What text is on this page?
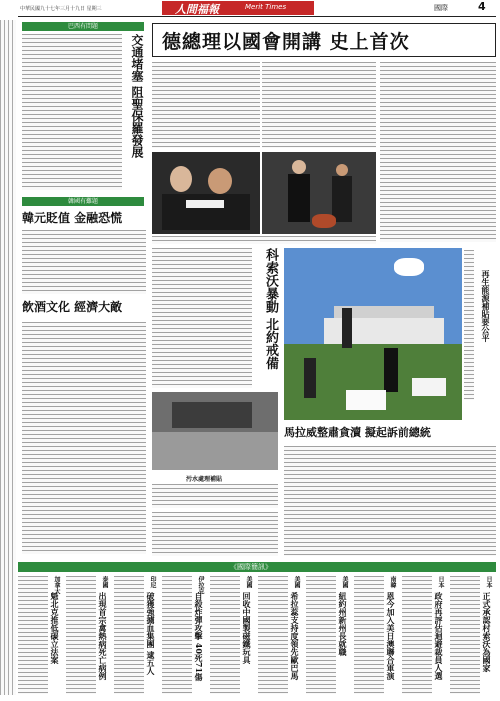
中華民國九十七年三月十九日 星期三	人間福報	Merit Times	國際	4
巴西有問題
交通堵塞 阻聖保羅發展
韓國有難題
韓元貶值 金融恐慌
飲酒文化 經濟大敵
德總理以國會開講 史上首次
科索沃暴動 北約戒備	再生能源補貼要公平
污水處理補貼
馬拉威整肅貪瀆 擬起訴前總統
《國際簡訊》
日本
正式承認村索沃為國家
日本
政府再評估迴避裁員人選
南韓
恩今加入美日澳聯合軍演
美國
紐約州新州長就職
美國
希拉蕊支持度領先歐巴馬
美國
回收中國製磁鐵玩具
伊拉克
自殺炸彈攻擊 40死71傷
印尼
破獲強擄血集團 逮五人
泰國
出現首宗禽熱病死亡病例
加拿大
魁北克推低碳立法案
